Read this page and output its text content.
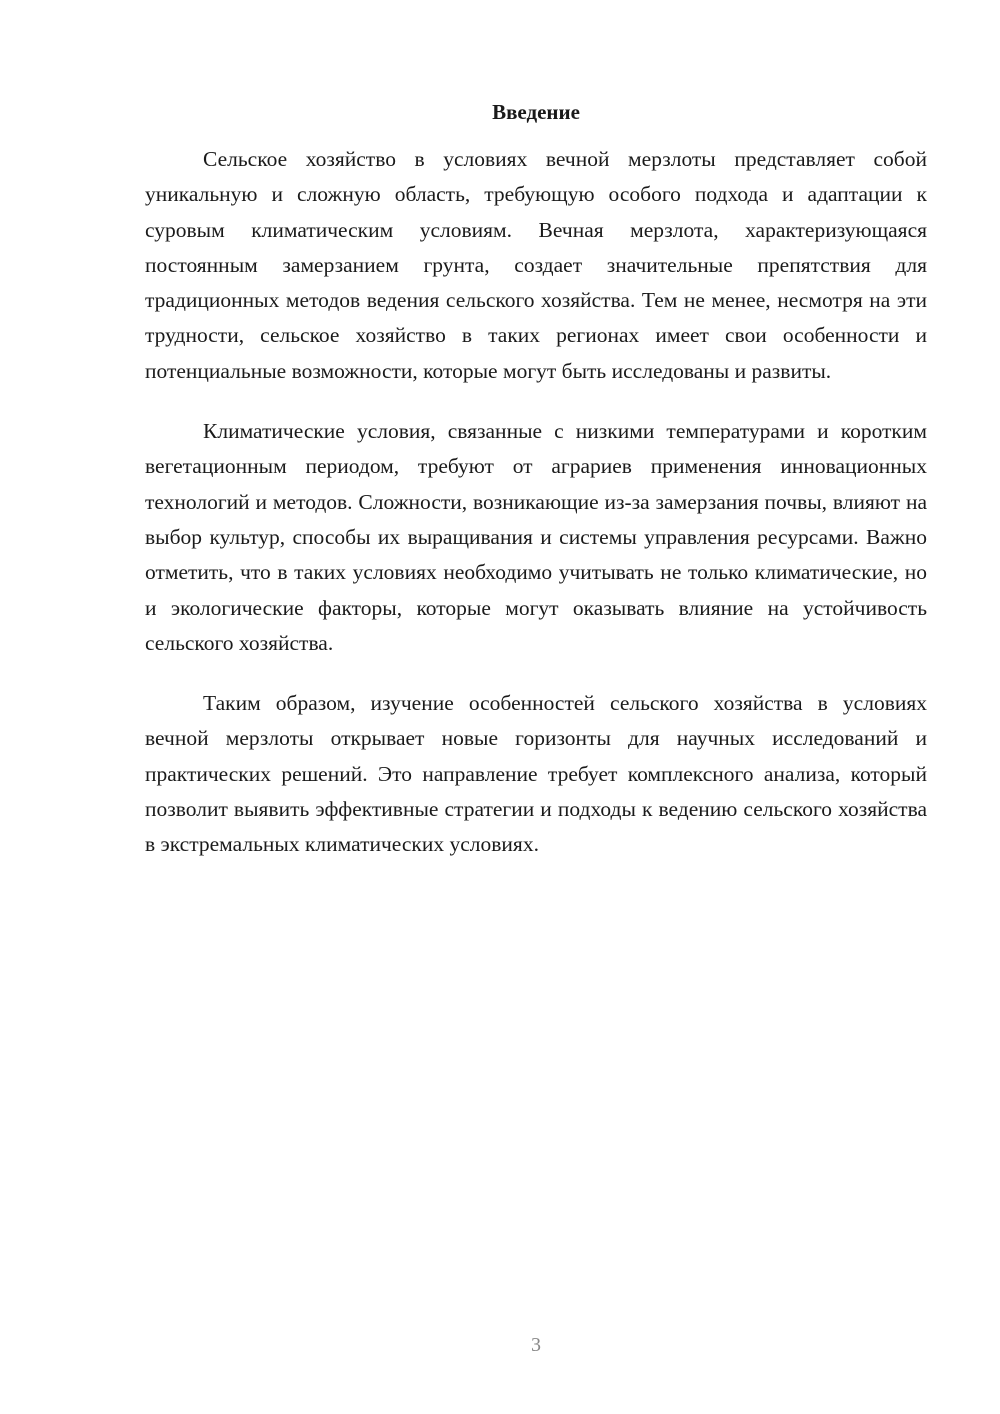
Введение

Сельское хозяйство в условиях вечной мерзлоты представляет собой уникальную и сложную область, требующую особого подхода и адаптации к суровым климатическим условиям. Вечная мерзлота, характеризующаяся постоянным замерзанием грунта, создает значительные препятствия для традиционных методов ведения сельского хозяйства. Тем не менее, несмотря на эти трудности, сельское хозяйство в таких регионах имеет свои особенности и потенциальные возможности, которые могут быть исследованы и развиты.

Климатические условия, связанные с низкими температурами и коротким вегетационным периодом, требуют от аграриев применения инновационных технологий и методов. Сложности, возникающие из-за замерзания почвы, влияют на выбор культур, способы их выращивания и системы управления ресурсами. Важно отметить, что в таких условиях необходимо учитывать не только климатические, но и экологические факторы, которые могут оказывать влияние на устойчивость сельского хозяйства.

Таким образом, изучение особенностей сельского хозяйства в условиях вечной мерзлоты открывает новые горизонты для научных исследований и практических решений. Это направление требует комплексного анализа, который позволит выявить эффективные стратегии и подходы к ведению сельского хозяйства в экстремальных климатических условиях.

3
